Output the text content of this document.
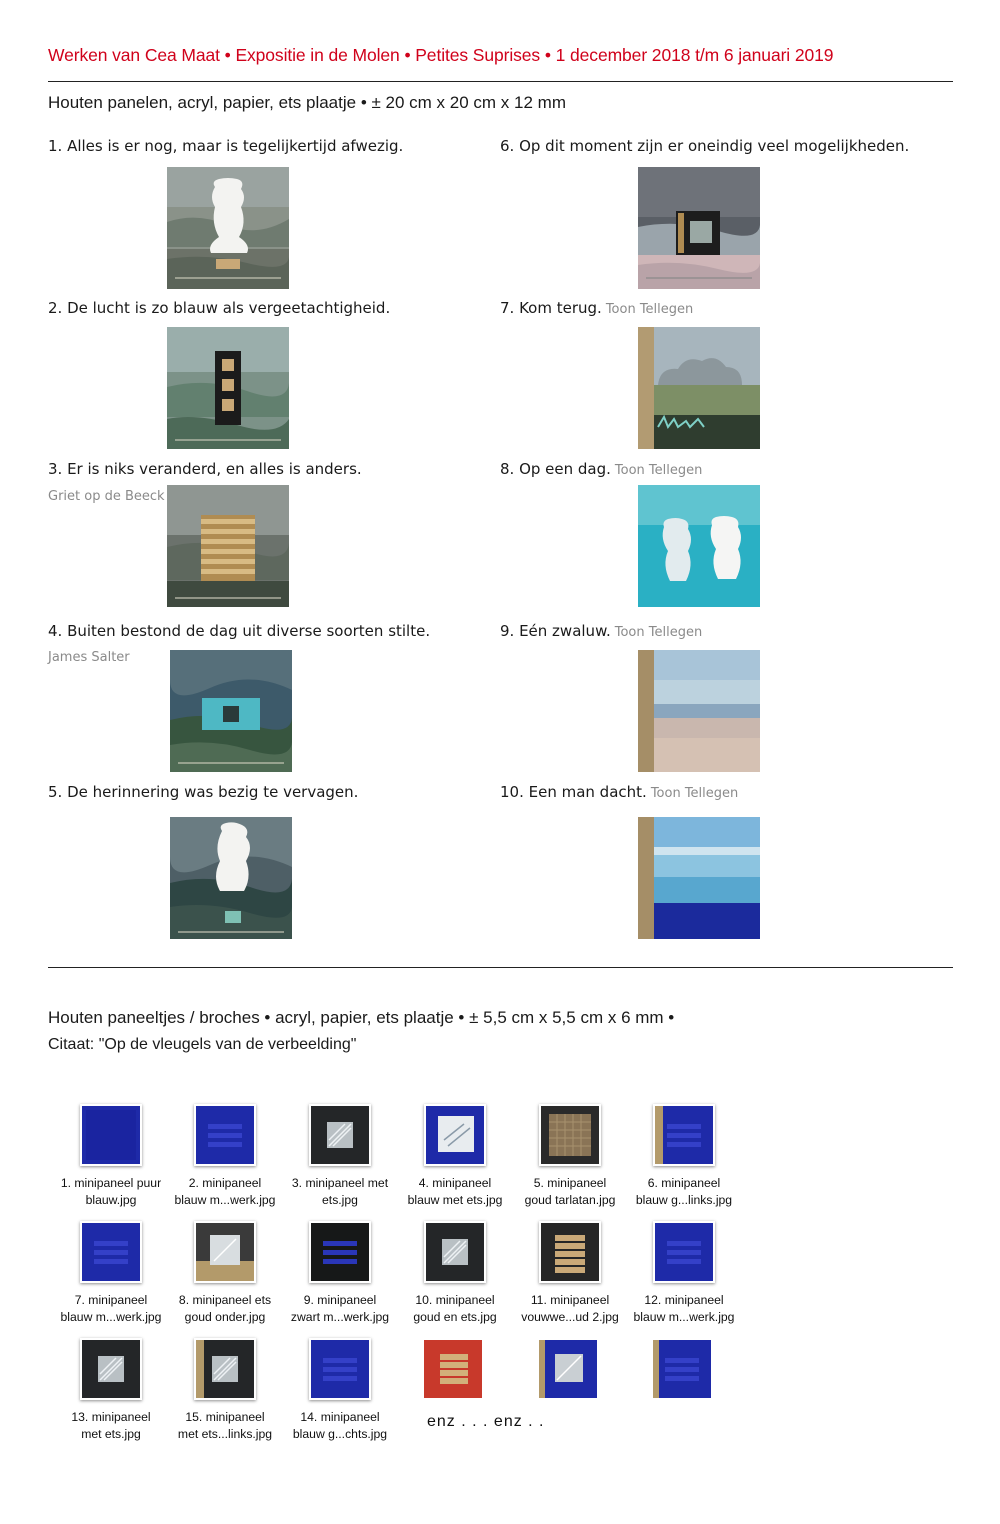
Werken van Cea Maat • Expositie in de Molen • Petites Suprises • 1 december 2018 t/m 6 januari 2019
Houten panelen, acryl, papier, ets plaatje • ± 20 cm x 20 cm x 12 mm
1. Alles is er nog, maar is tegelijkertijd afwezig.
2. De lucht is zo blauw als vergeetachtigheid.
3. Er is niks veranderd, en alles is anders.
Griet op de Beeck
4. Buiten bestond de dag uit diverse soorten stilte.
James Salter
5. De herinnering was bezig te vervagen.
6. Op dit moment zijn er oneindig veel mogelijkheden.
7. Kom terug. Toon Tellegen
8. Op een dag. Toon Tellegen
9. Eén zwaluw. Toon Tellegen
10. Een man dacht. Toon Tellegen
Houten paneeltjes / broches • acryl, papier, ets plaatje • ± 5,5 cm x 5,5 cm x 6 mm •
Citaat: "Op de vleugels van de verbeelding"
1. minipaneel puur
blauw.jpg
2. minipaneel
blauw m...werk.jpg
3. minipaneel met
ets.jpg
4. minipaneel
blauw met ets.jpg
5. minipaneel
goud tarlatan.jpg
6. minipaneel
blauw g...links.jpg
7. minipaneel
blauw m...werk.jpg
8. minipaneel ets
goud onder.jpg
9. minipaneel
zwart m...werk.jpg
10. minipaneel
goud en ets.jpg
11. minipaneel
vouwwe...ud 2.jpg
12. minipaneel
blauw m...werk.jpg
13. minipaneel
met ets.jpg
15. minipaneel
met ets...links.jpg
14. minipaneel
blauw g...chts.jpg
enz . . . enz . .
